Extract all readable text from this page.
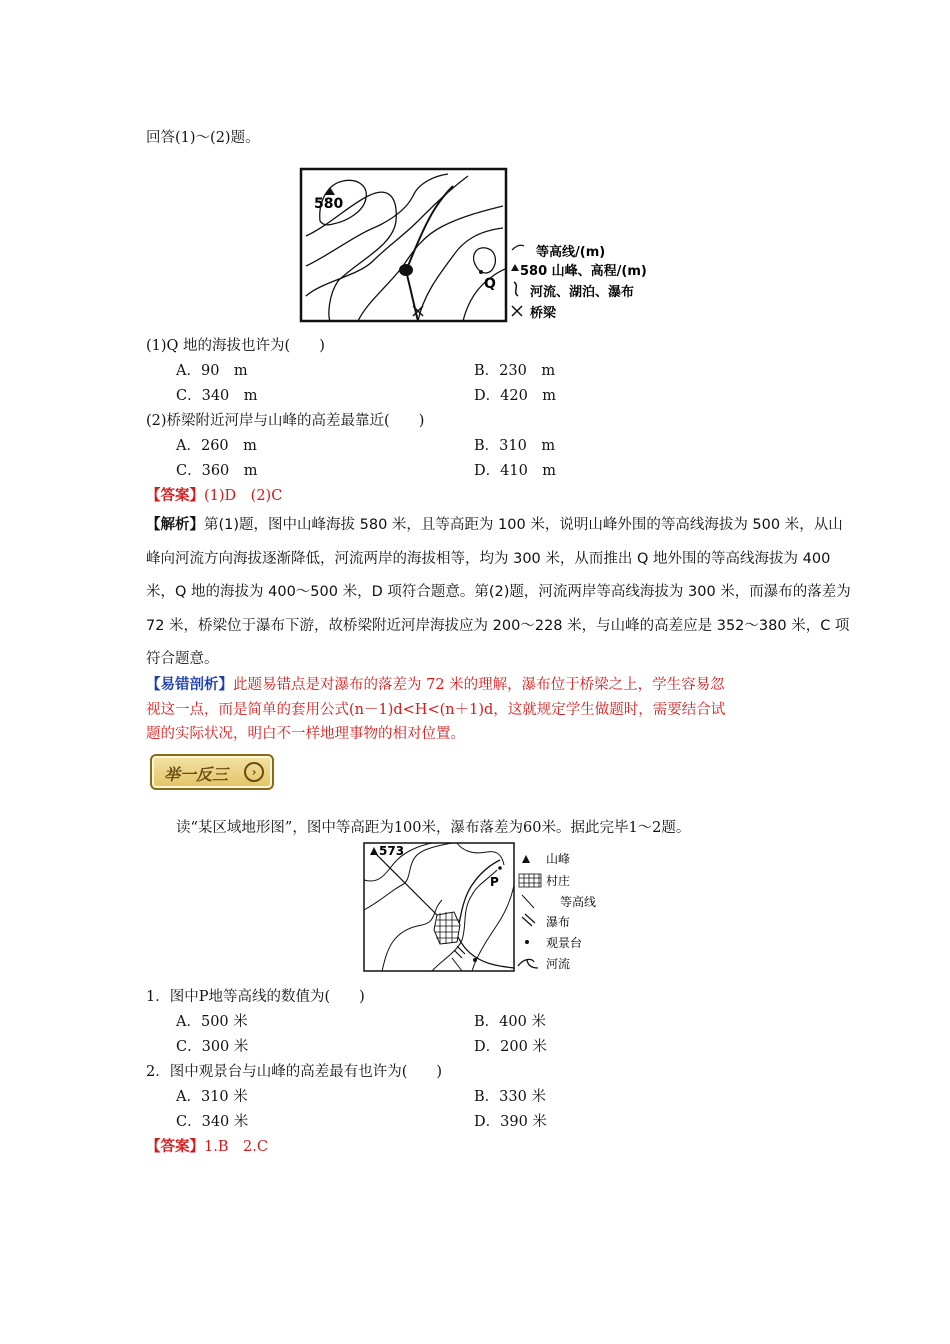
回答(1)～(2)题。
580
Q
等高线/(m)
580 山峰、高程/(m)
河流、湖泊、瀑布
桥梁
(1)Q 地的海拔也许为(　　)
A．90　m	B．230　m
C．340　m	D．420　m
(2)桥梁附近河岸与山峰的高差最靠近(　　)
A．260　m	B．310　m
C．360　m	D．410　m
【答案】(1)D　(2)C
【解析】第(1)题，图中山峰海拔 580 米，且等高距为 100 米，说明山峰外围的等高线海拔为 500 米，从山
峰向河流方向海拔逐渐降低，河流两岸的海拔相等，均为 300 米，从而推出 Q 地外围的等高线海拔为 400
米，Q 地的海拔为 400～500 米，D 项符合题意。第(2)题，河流两岸等高线海拔为 300 米，而瀑布的落差为
72 米，桥梁位于瀑布下游，故桥梁附近河岸海拔应为 200～228 米，与山峰的高差应是 352～380 米，C 项
符合题意。
【易错剖析】此题易错点是对瀑布的落差为 72 米的理解，瀑布位于桥梁之上，学生容易忽
视这一点，而是简单的套用公式(n－1)d<H<(n＋1)d，这就规定学生做题时，需要结合试
题的实际状况，明白不一样地理事物的相对位置。
举一反三	›
读“某区域地形图”，图中等高距为100米，瀑布落差为60米。据此完毕1～2题。
573
P
山峰
村庄
等高线
瀑布
观景台
河流
1．图中P地等高线的数值为(　　)
A．500 米	B．400 米
C．300 米	D．200 米
2．图中观景台与山峰的高差最有也许为(　　)
A．310 米	B．330 米
C．340 米	D．390 米
【答案】1.B　2.C
